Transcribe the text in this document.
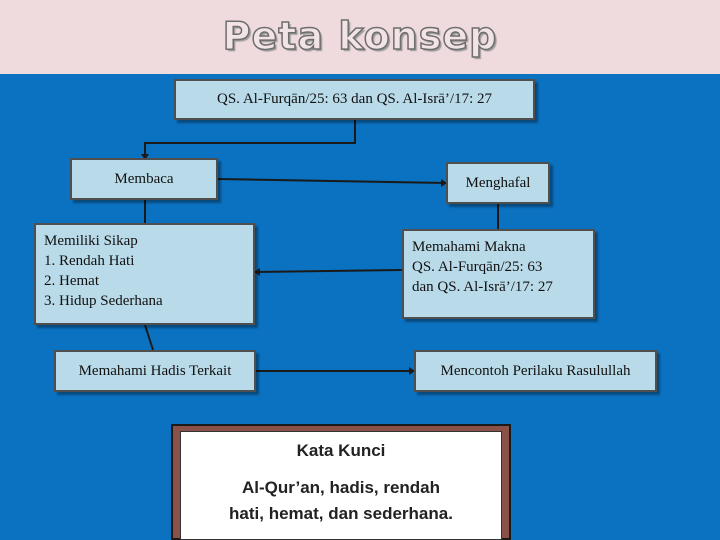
Peta konsep
QS. Al-Furqān/25: 63 dan QS. Al-Isrā’/17: 27
Membaca	Menghafal
Memiliki Sikap
1. Rendah Hati
2. Hemat
3. Hidup Sederhana
Memahami Makna
QS. Al-Furqān/25: 63
dan QS. Al-Isrā’/17: 27
Memahami Hadis Terkait	Mencontoh Perilaku Rasulullah
Kata Kunci
Al-Qur’an, hadis, rendah
hati, hemat, dan sederhana.
